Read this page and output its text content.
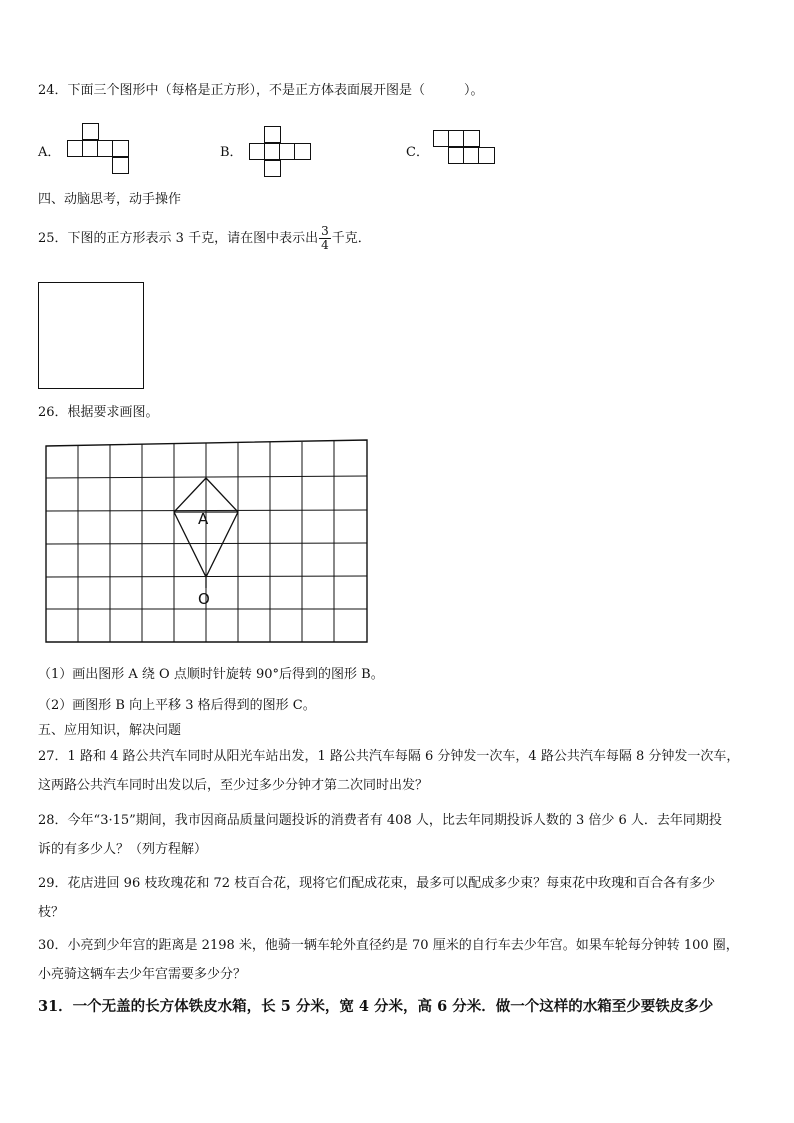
24．下面三个图形中（每格是正方形），不是正方体表面展开图是（　　　）。
A．	B．	C．
四、动脑思考，动手操作
25．下图的正方形表示 3 千克，请在图中表示出 $\frac{3}{4}$ 千克．
26．根据要求画图。
A
O
（1）画出图形 A 绕 O 点顺时针旋转 90°后得到的图形 B。
（2）画图形 B 向上平移 3 格后得到的图形 C。
五、应用知识，解决问题
27．1 路和 4 路公共汽车同时从阳光车站出发，1 路公共汽车每隔 6 分钟发一次车，4 路公共汽车每隔 8 分钟发一次车，
这两路公共汽车同时出发以后，至少过多少分钟才第二次同时出发？
28．今年“3·15”期间，我市因商品质量问题投诉的消费者有 408 人，比去年同期投诉人数的 3 倍少 6 人．去年同期投
诉的有多少人？（列方程解）
29．花店进回 96 枝玫瑰花和 72 枝百合花，现将它们配成花束，最多可以配成多少束？每束花中玫瑰和百合各有多少
枝？
30．小亮到少年宫的距离是 2198 米，他骑一辆车轮外直径约是 70 厘米的自行车去少年宫。如果车轮每分钟转 100 圈，
小亮骑这辆车去少年宫需要多少分？
31．一个无盖的长方体铁皮水箱，长 5 分米，宽 4 分米，高 6 分米．做一个这样的水箱至少要铁皮多少
